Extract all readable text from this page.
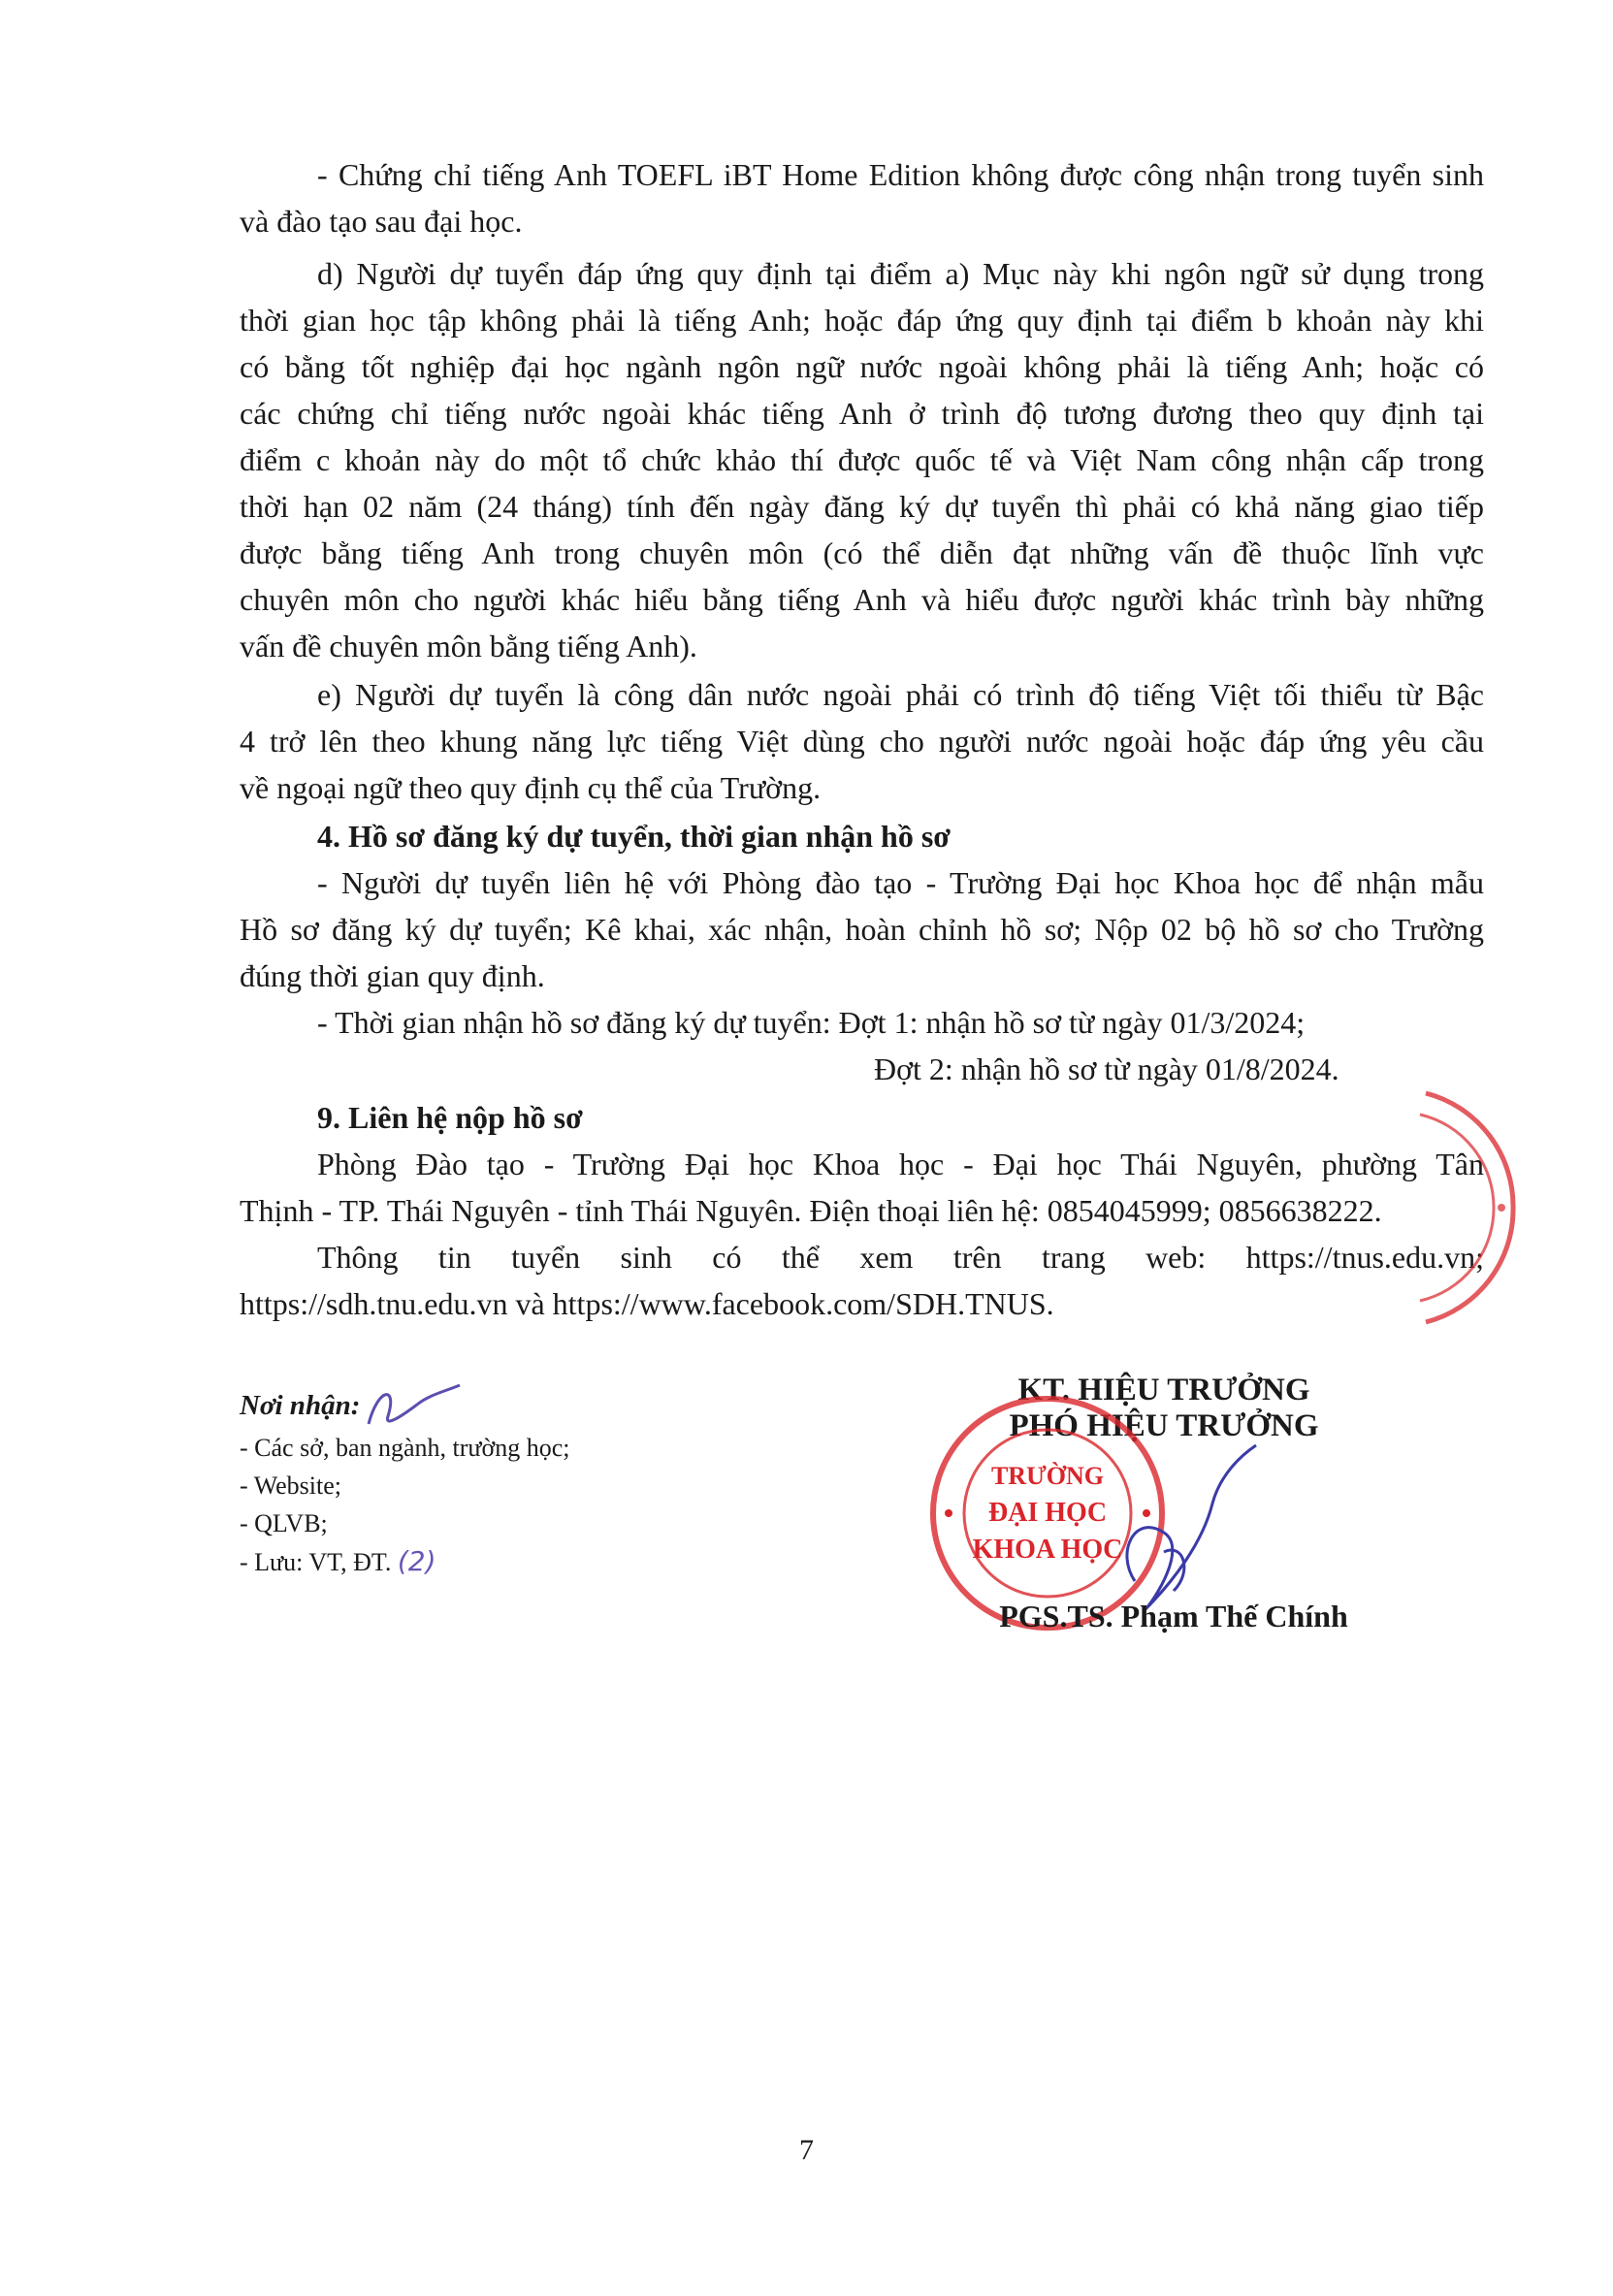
- Chứng chỉ tiếng Anh TOEFL iBT Home Edition không được công nhận trong tuyển sinh
và đào tạo sau đại học.
d) Người dự tuyển đáp ứng quy định tại điểm a) Mục này khi ngôn ngữ sử dụng trong
thời gian học tập không phải là tiếng Anh; hoặc đáp ứng quy định tại điểm b khoản này khi
có bằng tốt nghiệp đại học ngành ngôn ngữ nước ngoài không phải là tiếng Anh; hoặc có
các chứng chỉ tiếng nước ngoài khác tiếng Anh ở trình độ tương đương theo quy định tại
điểm c khoản này do một tổ chức khảo thí được quốc tế và Việt Nam công nhận cấp trong
thời hạn 02 năm (24 tháng) tính đến ngày đăng ký dự tuyển thì phải có khả năng giao tiếp
được bằng tiếng Anh trong chuyên môn (có thể diễn đạt những vấn đề thuộc lĩnh vực
chuyên môn cho người khác hiểu bằng tiếng Anh và hiểu được người khác trình bày những
vấn đề chuyên môn bằng tiếng Anh).
e) Người dự tuyển là công dân nước ngoài phải có trình độ tiếng Việt tối thiểu từ Bậc
4 trở lên theo khung năng lực tiếng Việt dùng cho người nước ngoài hoặc đáp ứng yêu cầu
về ngoại ngữ theo quy định cụ thể của Trường.
4. Hồ sơ đăng ký dự tuyển, thời gian nhận hồ sơ
- Người dự tuyển liên hệ với Phòng đào tạo - Trường Đại học Khoa học để nhận mẫu
Hồ sơ đăng ký dự tuyển; Kê khai, xác nhận, hoàn chỉnh hồ sơ; Nộp 02 bộ hồ sơ cho Trường
đúng thời gian quy định.
- Thời gian nhận hồ sơ đăng ký dự tuyển: Đợt 1: nhận hồ sơ từ ngày 01/3/2024;
Đợt 2: nhận hồ sơ từ ngày 01/8/2024.
9. Liên hệ nộp hồ sơ
Phòng Đào tạo - Trường Đại học Khoa học - Đại học Thái Nguyên, phường Tân
Thịnh - TP. Thái Nguyên - tỉnh Thái Nguyên. Điện thoại liên hệ: 0854045999; 0856638222.
Thông tin tuyển sinh có thể xem trên trang web: https://tnus.edu.vn;
https://sdh.tnu.edu.vn và https://www.facebook.com/SDH.TNUS.
Nơi nhận:
- Các sở, ban ngành, trường học;
- Website;
- QLVB;
- Lưu: VT, ĐT. (2)
KT. HIỆU TRƯỞNG
PHÓ HIỆU TRƯỞNG
TRƯỜNG
ĐẠI HỌC
KHOA HỌC
PGS.TS. Phạm Thế Chính
7
